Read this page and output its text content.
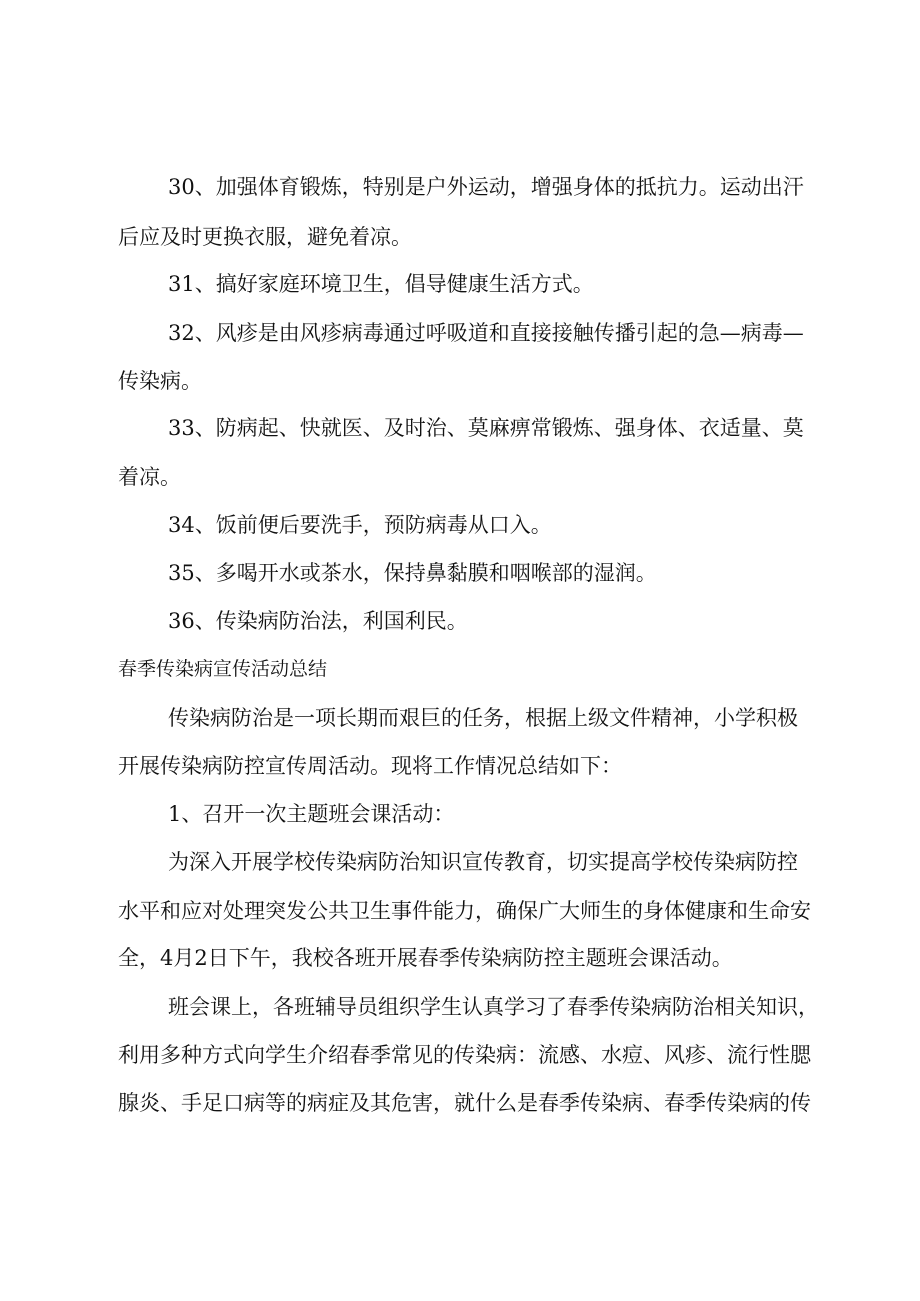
30、加强体育锻炼，特别是户外运动，增强身体的抵抗力。运动出汗
后应及时更换衣服，避免着凉。
31、搞好家庭环境卫生，倡导健康生活方式。
32、风疹是由风疹病毒通过呼吸道和直接接触传播引起的急—病毒—
传染病。
33、防病起、快就医、及时治、莫麻痹常锻炼、强身体、衣适量、莫
着凉。
34、饭前便后要洗手，预防病毒从口入。
35、多喝开水或茶水，保持鼻黏膜和咽喉部的湿润。
36、传染病防治法，利国利民。
春季传染病宣传活动总结
传染病防治是一项长期而艰巨的任务，根据上级文件精神，小学积极
开展传染病防控宣传周活动。现将工作情况总结如下：
1、召开一次主题班会课活动：
为深入开展学校传染病防治知识宣传教育，切实提高学校传染病防控
水平和应对处理突发公共卫生事件能力，确保广大师生的身体健康和生命安
全，4月2日下午，我校各班开展春季传染病防控主题班会课活动。
班会课上，各班辅导员组织学生认真学习了春季传染病防治相关知识，
利用多种方式向学生介绍春季常见的传染病：流感、水痘、风疹、流行性腮
腺炎、手足口病等的病症及其危害，就什么是春季传染病、春季传染病的传
